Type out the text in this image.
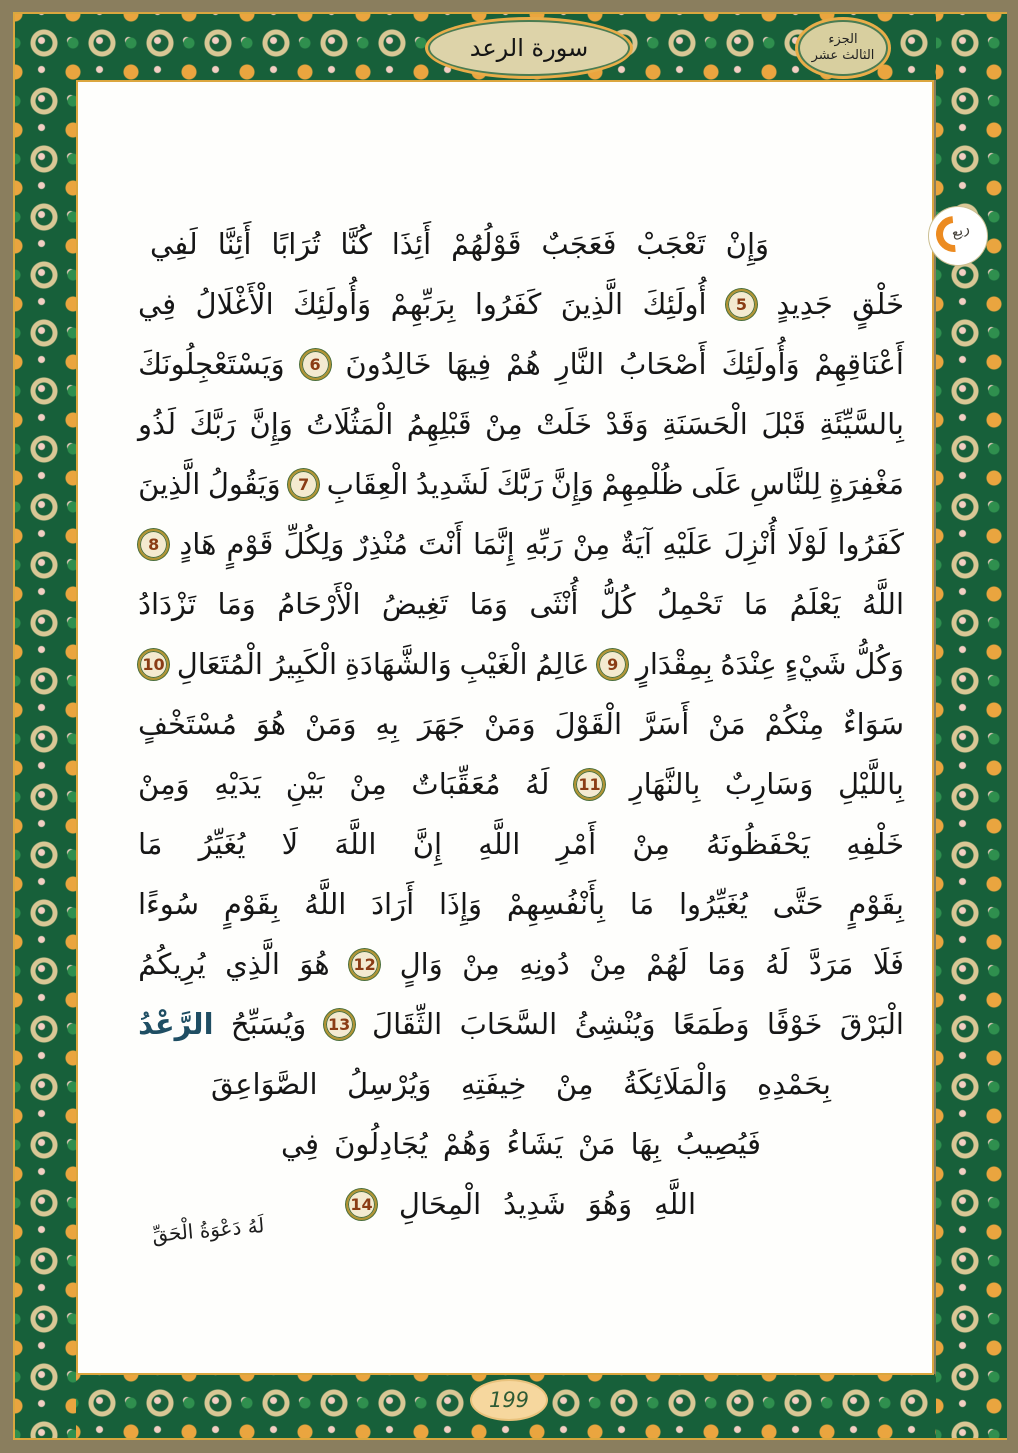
سورة الرعد	الجزء
الثالث عشر
ربع
وَإِنْ
تَعْجَبْ
فَعَجَبٌ
قَوْلُهُمْ
أَئِذَا
كُنَّا
تُرَابًا
أَئِنَّا
لَفِي
خَلْقٍ
جَدِيدٍ
5
أُولَئِكَ
الَّذِينَ
كَفَرُوا
بِرَبِّهِمْ
وَأُولَئِكَ
الْأَغْلَالُ
فِي
أَعْنَاقِهِمْ
وَأُولَئِكَ
أَصْحَابُ
النَّارِ
هُمْ
فِيهَا
خَالِدُونَ
6
وَيَسْتَعْجِلُونَكَ
بِالسَّيِّئَةِ
قَبْلَ
الْحَسَنَةِ
وَقَدْ
خَلَتْ
مِنْ
قَبْلِهِمُ
الْمَثُلَاتُ
وَإِنَّ
رَبَّكَ
لَذُو
مَغْفِرَةٍ
لِلنَّاسِ
عَلَى
ظُلْمِهِمْ
وَإِنَّ
رَبَّكَ
لَشَدِيدُ
الْعِقَابِ
7
وَيَقُولُ
الَّذِينَ
كَفَرُوا
لَوْلَا
أُنْزِلَ
عَلَيْهِ
آيَةٌ
مِنْ
رَبِّهِ
إِنَّمَا
أَنْتَ
مُنْذِرٌ
وَلِكُلِّ
قَوْمٍ
هَادٍ
8
اللَّهُ
يَعْلَمُ
مَا
تَحْمِلُ
كُلُّ
أُنْثَى
وَمَا
تَغِيضُ
الْأَرْحَامُ
وَمَا
تَزْدَادُ
وَكُلُّ
شَيْءٍ
عِنْدَهُ
بِمِقْدَارٍ
9
عَالِمُ
الْغَيْبِ
وَالشَّهَادَةِ
الْكَبِيرُ
الْمُتَعَالِ
10
سَوَاءٌ
مِنْكُمْ
مَنْ
أَسَرَّ
الْقَوْلَ
وَمَنْ
جَهَرَ
بِهِ
وَمَنْ
هُوَ
مُسْتَخْفٍ
بِاللَّيْلِ
وَسَارِبٌ
بِالنَّهَارِ
11
لَهُ
مُعَقِّبَاتٌ
مِنْ
بَيْنِ
يَدَيْهِ
وَمِنْ
خَلْفِهِ
يَحْفَظُونَهُ
مِنْ
أَمْرِ
اللَّهِ
إِنَّ
اللَّهَ
لَا
يُغَيِّرُ
مَا
بِقَوْمٍ
حَتَّى
يُغَيِّرُوا
مَا
بِأَنْفُسِهِمْ
وَإِذَا
أَرَادَ
اللَّهُ
بِقَوْمٍ
سُوءًا
فَلَا
مَرَدَّ
لَهُ
وَمَا
لَهُمْ
مِنْ
دُونِهِ
مِنْ
وَالٍ
12
هُوَ
الَّذِي
يُرِيكُمُ
الْبَرْقَ
خَوْفًا
وَطَمَعًا
وَيُنْشِئُ
السَّحَابَ
الثِّقَالَ
13
وَيُسَبِّحُ
الرَّعْدُ
بِحَمْدِهِ
وَالْمَلَائِكَةُ
مِنْ
خِيفَتِهِ
وَيُرْسِلُ
الصَّوَاعِقَ
فَيُصِيبُ
بِهَا
مَنْ
يَشَاءُ
وَهُمْ
يُجَادِلُونَ
فِي
اللَّهِ
وَهُوَ
شَدِيدُ
الْمِحَالِ
14
لَهُ دَعْوَةُ الْحَقِّ
199
